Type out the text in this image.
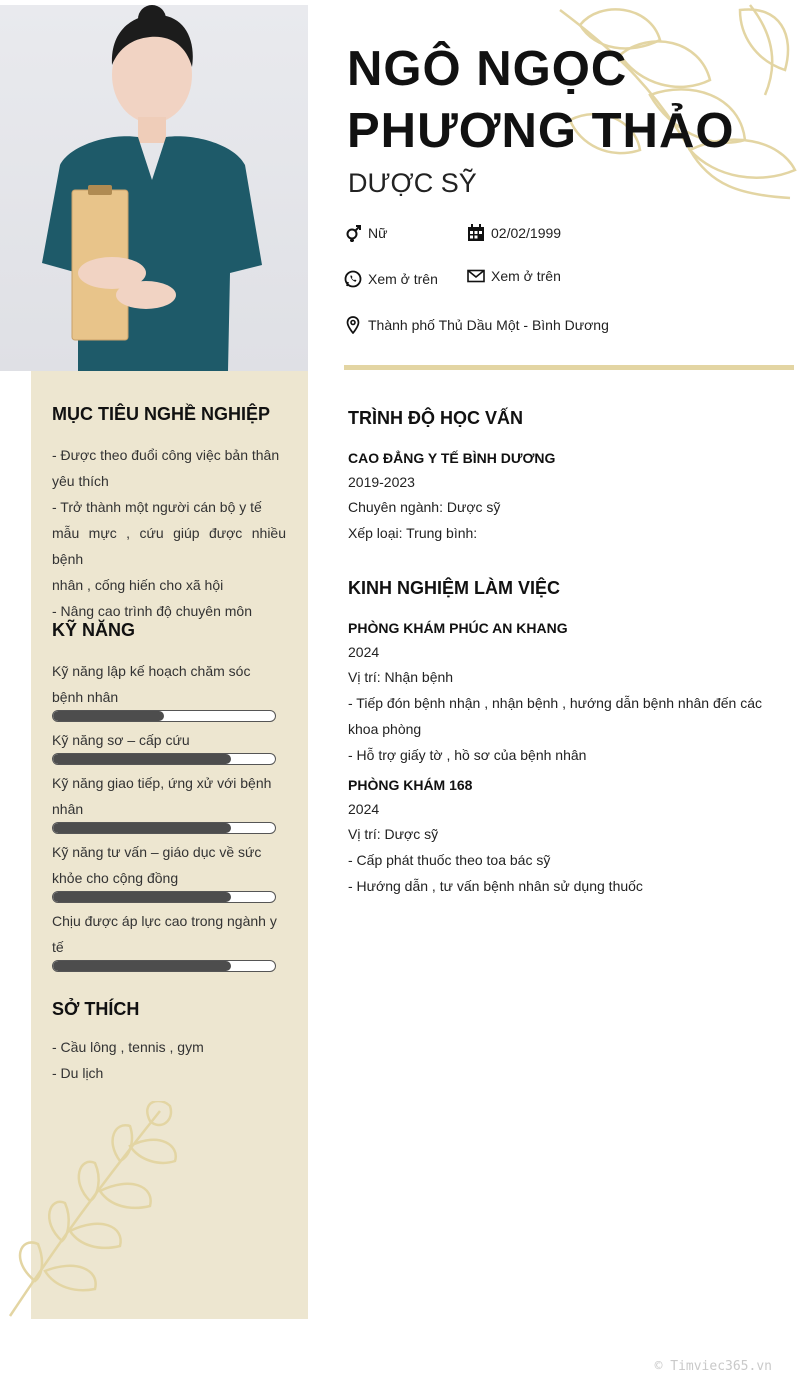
NGÔ NGỌC
PHƯƠNG THẢO
DƯỢC SỸ
Nữ	02/02/1999
Xem ở trên	Xem ở trên
Thành phố Thủ Dầu Một - Bình Dương
MỤC TIÊU NGHỀ NGHIỆP
- Được theo đuổi công việc bản thân
yêu thích
- Trở thành một người cán bộ y tế
mẫu mực , cứu giúp được nhiều bệnh
nhân , cống hiến cho xã hội
- Nâng cao trình độ chuyên môn
KỸ NĂNG
Kỹ năng lập kế hoạch chăm sóc
bệnh nhân
Kỹ năng sơ – cấp cứu
Kỹ năng giao tiếp, ứng xử với bệnh
nhân
Kỹ năng tư vấn – giáo dục về sức
khỏe cho cộng đồng
Chịu được áp lực cao trong ngành y
tế
SỞ THÍCH
- Cầu lông , tennis , gym
- Du lịch
TRÌNH ĐỘ HỌC VẤN
CAO ĐẲNG Y TẾ BÌNH DƯƠNG
2019-2023
Chuyên ngành: Dược sỹ
Xếp loại: Trung bình:
KINH NGHIỆM LÀM VIỆC
PHÒNG KHÁM PHÚC AN KHANG
2024
Vị trí: Nhận bệnh
- Tiếp đón bệnh nhận , nhận bệnh , hướng dẫn bệnh nhân đến các
khoa phòng
- Hỗ trợ giấy tờ , hồ sơ của bệnh nhân
PHÒNG KHÁM 168
2024
Vị trí: Dược sỹ
- Cấp phát thuốc theo toa bác sỹ
- Hướng dẫn , tư vấn bệnh nhân sử dụng thuốc
© Timviec365.vn
